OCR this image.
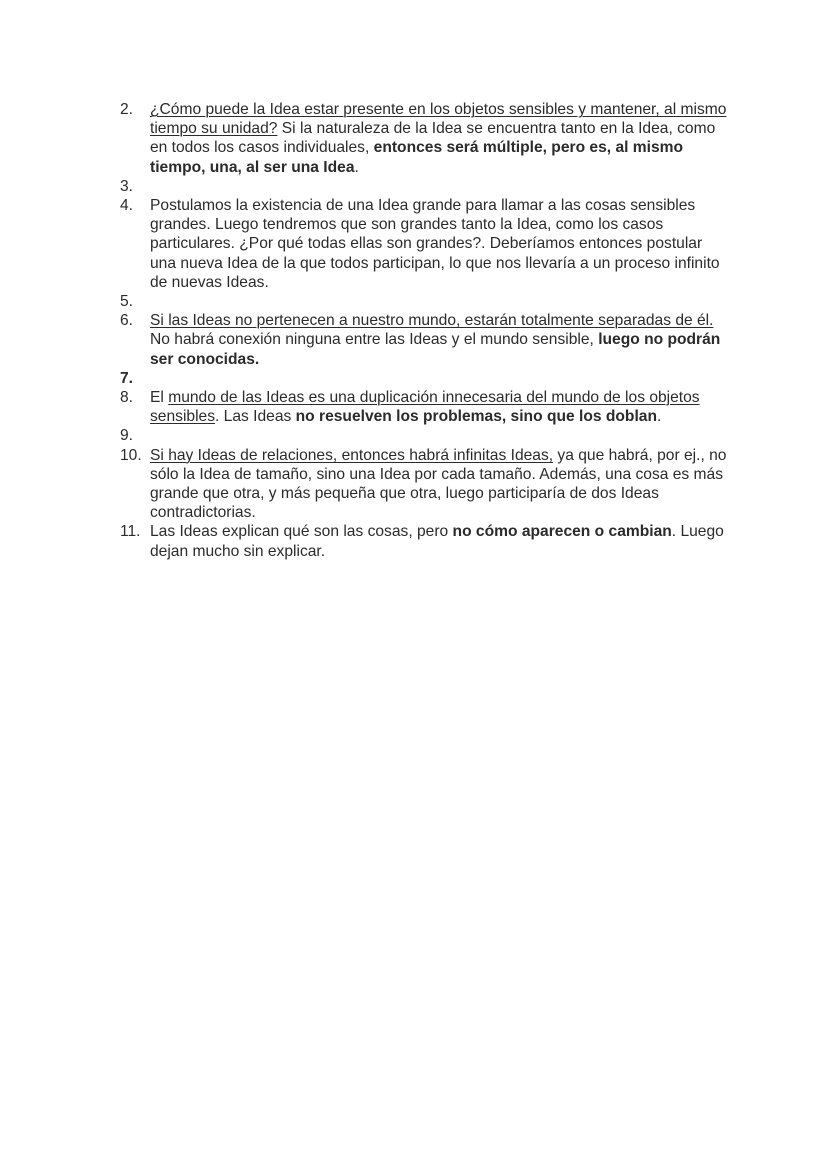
2.	¿Cómo puede la Idea estar presente en los objetos sensibles y mantener, al mismo tiempo su unidad? Si la naturaleza de la Idea se encuentra tanto en la Idea, como en todos los casos individuales, entonces será múltiple, pero es, al mismo tiempo, una, al ser una Idea.
3.
4.	Postulamos la existencia de una Idea grande para llamar a las cosas sensibles grandes. Luego tendremos que son grandes tanto la Idea, como los casos particulares. ¿Por qué todas ellas son grandes?. Deberíamos entonces postular una nueva Idea de la que todos participan, lo que nos llevaría a un proceso infinito de nuevas Ideas.
5.
6.	Si las Ideas no pertenecen a nuestro mundo, estarán totalmente separadas de él. No habrá conexión ninguna entre las Ideas y el mundo sensible, luego no podrán ser conocidas.
7.
8.	El mundo de las Ideas es una duplicación innecesaria del mundo de los objetos sensibles. Las Ideas no resuelven los problemas, sino que los doblan.
9.
10. Si hay Ideas de relaciones, entonces habrá infinitas Ideas, ya que habrá, por ej., no sólo la Idea de tamaño, sino una Idea por cada tamaño. Además, una cosa es más grande que otra, y más pequeña que otra, luego participaría de dos Ideas contradictorias.
11. Las Ideas explican qué son las cosas, pero no cómo aparecen o cambian. Luego dejan mucho sin explicar.
